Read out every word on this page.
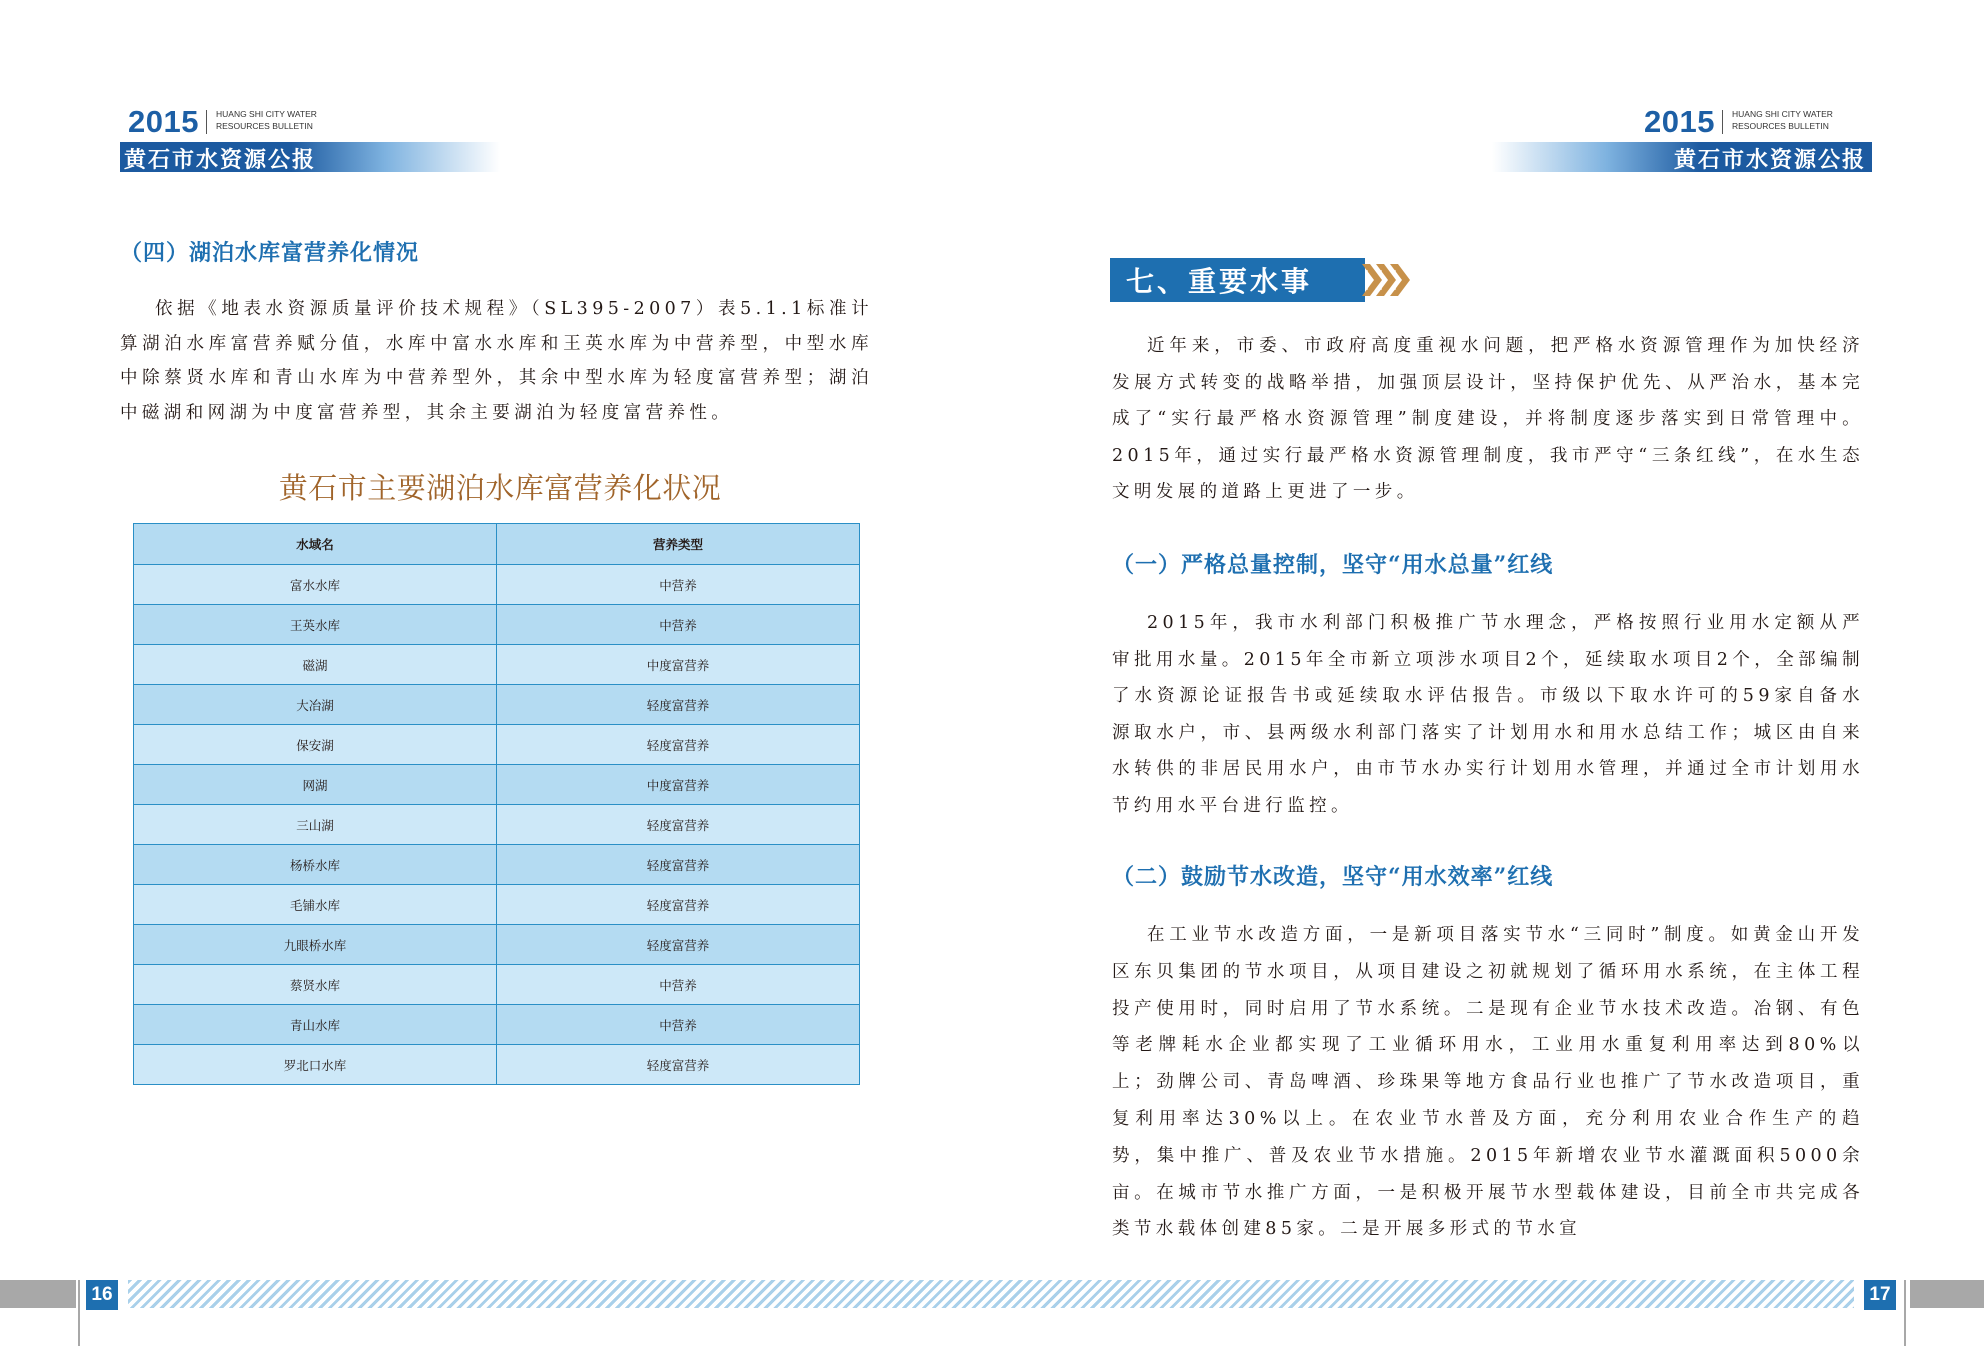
2015 HUANG SHI CITY WATER
RESOURCES BULLETIN
黄石市水资源公报
（四）湖泊水库富营养化情况

依据《地表水资源质量评价技术规程》（SL395-2007）表5.1.1标准计算湖泊水库富营养赋分值，水库中富水水库和王英水库为中营养型，中型水库中除蔡贤水库和青山水库为中营养型外，其余中型水库为轻度富营养型；湖泊中磁湖和网湖为中度富营养型，其余主要湖泊为轻度富营养性。

黄石市主要湖泊水库富营养化状况
水域名	营养类型
富水水库	中营养
王英水库	中营养
磁湖	中度富营养
大冶湖	轻度富营养
保安湖	轻度富营养
网湖	中度富营养
三山湖	轻度富营养
杨桥水库	轻度富营养
毛铺水库	轻度富营养
九眼桥水库	轻度富营养
蔡贤水库	中营养
青山水库	中营养
罗北口水库	轻度富营养
2015 HUANG SHI CITY WATER
RESOURCES BULLETIN
黄石市水资源公报
七、重要水事

近年来，市委、市政府高度重视水问题，把严格水资源管理作为加快经济发展方式转变的战略举措，加强顶层设计，坚持保护优先、从严治水，基本完成了“实行最严格水资源管理”制度建设，并将制度逐步落实到日常管理中。2015年，通过实行最严格水资源管理制度，我市严守“三条红线”，在水生态文明发展的道路上更进了一步。

（一）严格总量控制，坚守“用水总量”红线

2015年，我市水利部门积极推广节水理念，严格按照行业用水定额从严审批用水量。2015年全市新立项涉水项目2个，延续取水项目2个，全部编制了水资源论证报告书或延续取水评估报告。市级以下取水许可的59家自备水源取水户，市、县两级水利部门落实了计划用水和用水总结工作；城区由自来水转供的非居民用水户，由市节水办实行计划用水管理，并通过全市计划用水节约用水平台进行监控。

（二）鼓励节水改造，坚守“用水效率”红线

在工业节水改造方面，一是新项目落实节水“三同时”制度。如黄金山开发区东贝集团的节水项目，从项目建设之初就规划了循环用水系统，在主体工程投产使用时，同时启用了节水系统。二是现有企业节水技术改造。冶钢、有色等老牌耗水企业都实现了工业循环用水，工业用水重复利用率达到80%以上；劲牌公司、青岛啤酒、珍珠果等地方食品行业也推广了节水改造项目，重复利用率达30%以上。在农业节水普及方面，充分利用农业合作生产的趋势，集中推广、普及农业节水措施。2015年新增农业节水灌溉面积5000余亩。在城市节水推广方面，一是积极开展节水型载体建设，目前全市共完成各类节水载体创建85家。二是开展多形式的节水宣

16	17
